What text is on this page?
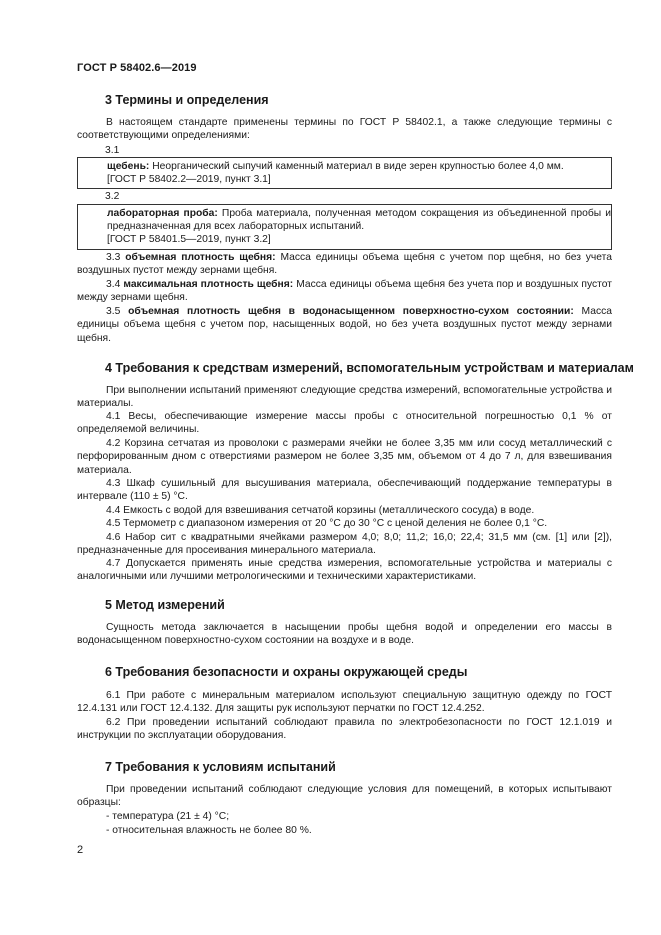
ГОСТ Р 58402.6—2019
3 Термины и определения
В настоящем стандарте применены термины по ГОСТ Р 58402.1, а также следующие термины с соответствующими определениями:
3.1
щебень: Неорганический сыпучий каменный материал в виде зерен крупностью более 4,0 мм.
[ГОСТ Р 58402.2—2019, пункт 3.1]
3.2
лабораторная проба: Проба материала, полученная методом сокращения из объединенной пробы и предназначенная для всех лабораторных испытаний.
[ГОСТ Р 58401.5—2019, пункт 3.2]
3.3 объемная плотность щебня: Масса единицы объема щебня с учетом пор щебня, но без учета воздушных пустот между зернами щебня.
3.4 максимальная плотность щебня: Масса единицы объема щебня без учета пор и воздушных пустот между зернами щебня.
3.5 объемная плотность щебня в водонасыщенном поверхностно-сухом состоянии: Масса единицы объема щебня с учетом пор, насыщенных водой, но без учета воздушных пустот между зернами щебня.
4 Требования к средствам измерений, вспомогательным устройствам и материалам
При выполнении испытаний применяют следующие средства измерений, вспомогательные устройства и материалы.
4.1 Весы, обеспечивающие измерение массы пробы с относительной погрешностью 0,1 % от определяемой величины.
4.2 Корзина сетчатая из проволоки с размерами ячейки не более 3,35 мм или сосуд металлический с перфорированным дном с отверстиями размером не более 3,35 мм, объемом от 4 до 7 л, для взвешивания материала.
4.3 Шкаф сушильный для высушивания материала, обеспечивающий поддержание температуры в интервале (110 ± 5) °С.
4.4 Емкость с водой для взвешивания сетчатой корзины (металлического сосуда) в воде.
4.5 Термометр с диапазоном измерения от 20 °С до 30 °С с ценой деления не более 0,1 °С.
4.6 Набор сит с квадратными ячейками размером 4,0; 8,0; 11,2; 16,0; 22,4; 31,5 мм (см. [1] или [2]), предназначенные для просеивания минерального материала.
4.7 Допускается применять иные средства измерения, вспомогательные устройства и материалы с аналогичными или лучшими метрологическими и техническими характеристиками.
5 Метод измерений
Сущность метода заключается в насыщении пробы щебня водой и определении его массы в водонасыщенном поверхностно-сухом состоянии на воздухе и в воде.
6 Требования безопасности и охраны окружающей среды
6.1 При работе с минеральным материалом используют специальную защитную одежду по ГОСТ 12.4.131 или ГОСТ 12.4.132. Для защиты рук используют перчатки по ГОСТ 12.4.252.
6.2 При проведении испытаний соблюдают правила по электробезопасности по ГОСТ 12.1.019 и инструкции по эксплуатации оборудования.
7 Требования к условиям испытаний
При проведении испытаний соблюдают следующие условия для помещений, в которых испытывают образцы:
- температура (21 ± 4) °С;
- относительная влажность не более 80 %.
2
